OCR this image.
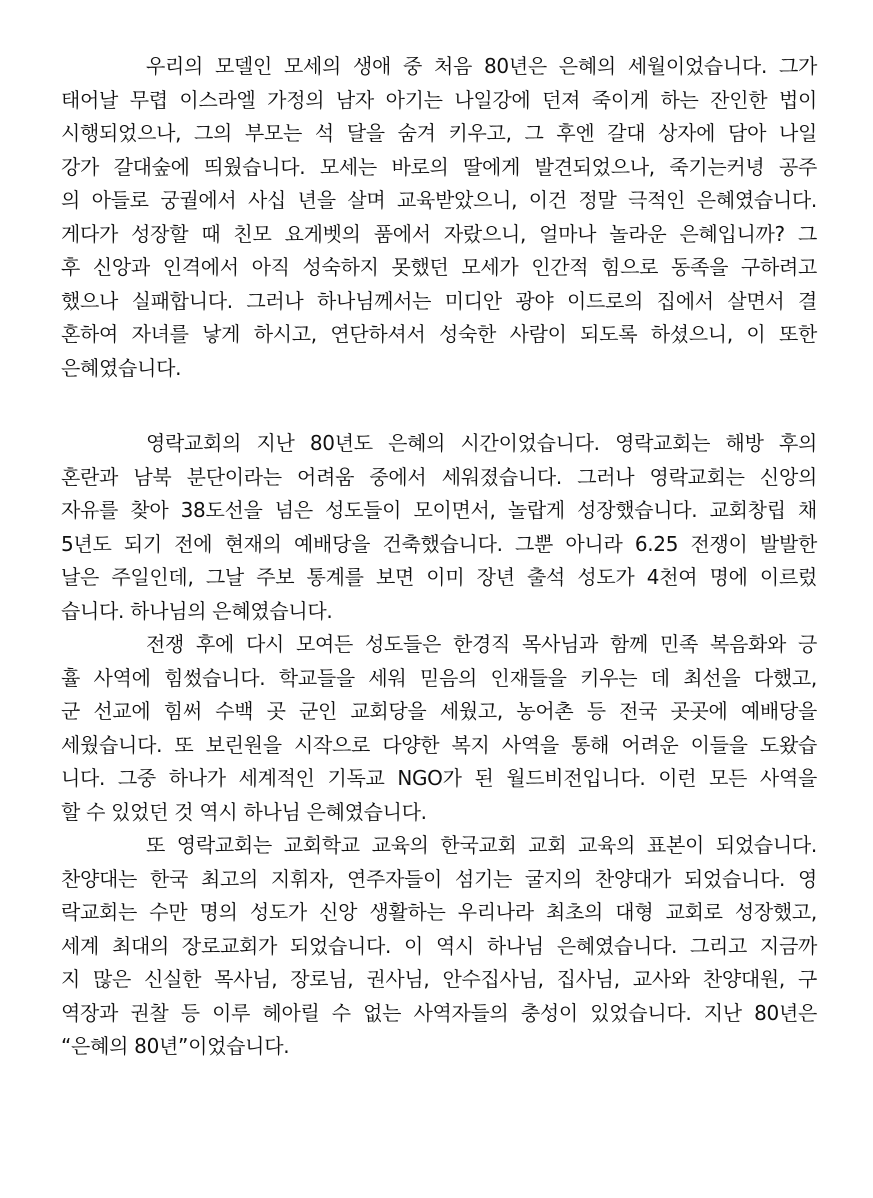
우리의 모델인 모세의 생애 중 처음 80년은 은혜의 세월이었습니다. 그가
태어날 무렵 이스라엘 가정의 남자 아기는 나일강에 던져 죽이게 하는 잔인한 법이
시행되었으나, 그의 부모는 석 달을 숨겨 키우고, 그 후엔 갈대 상자에 담아 나일
강가 갈대숲에 띄웠습니다. 모세는 바로의 딸에게 발견되었으나, 죽기는커녕 공주
의 아들로 궁궐에서 사십 년을 살며 교육받았으니, 이건 정말 극적인 은혜였습니다.
게다가 성장할 때 친모 요게벳의 품에서 자랐으니, 얼마나 놀라운 은혜입니까? 그
후 신앙과 인격에서 아직 성숙하지 못했던 모세가 인간적 힘으로 동족을 구하려고
했으나 실패합니다. 그러나 하나님께서는 미디안 광야 이드로의 집에서 살면서 결
혼하여 자녀를 낳게 하시고, 연단하셔서 성숙한 사람이 되도록 하셨으니, 이 또한
은혜였습니다.
영락교회의 지난 80년도 은혜의 시간이었습니다. 영락교회는 해방 후의
혼란과 남북 분단이라는 어려움 중에서 세워졌습니다. 그러나 영락교회는 신앙의
자유를 찾아 38도선을 넘은 성도들이 모이면서, 놀랍게 성장했습니다. 교회창립 채
5년도 되기 전에 현재의 예배당을 건축했습니다. 그뿐 아니라 6.25 전쟁이 발발한
날은 주일인데, 그날 주보 통계를 보면 이미 장년 출석 성도가 4천여 명에 이르렀
습니다. 하나님의 은혜였습니다.
전쟁 후에 다시 모여든 성도들은 한경직 목사님과 함께 민족 복음화와 긍
휼 사역에 힘썼습니다. 학교들을 세워 믿음의 인재들을 키우는 데 최선을 다했고,
군 선교에 힘써 수백 곳 군인 교회당을 세웠고, 농어촌 등 전국 곳곳에 예배당을
세웠습니다. 또 보린원을 시작으로 다양한 복지 사역을 통해 어려운 이들을 도왔습
니다. 그중 하나가 세계적인 기독교 NGO가 된 월드비전입니다. 이런 모든 사역을
할 수 있었던 것 역시 하나님 은혜였습니다.
또 영락교회는 교회학교 교육의 한국교회 교회 교육의 표본이 되었습니다.
찬양대는 한국 최고의 지휘자, 연주자들이 섬기는 굴지의 찬양대가 되었습니다. 영
락교회는 수만 명의 성도가 신앙 생활하는 우리나라 최초의 대형 교회로 성장했고,
세계 최대의 장로교회가 되었습니다. 이 역시 하나님 은혜였습니다. 그리고 지금까
지 많은 신실한 목사님, 장로님, 권사님, 안수집사님, 집사님, 교사와 찬양대원, 구
역장과 권찰 등 이루 헤아릴 수 없는 사역자들의 충성이 있었습니다. 지난 80년은
“은혜의 80년”이었습니다.
